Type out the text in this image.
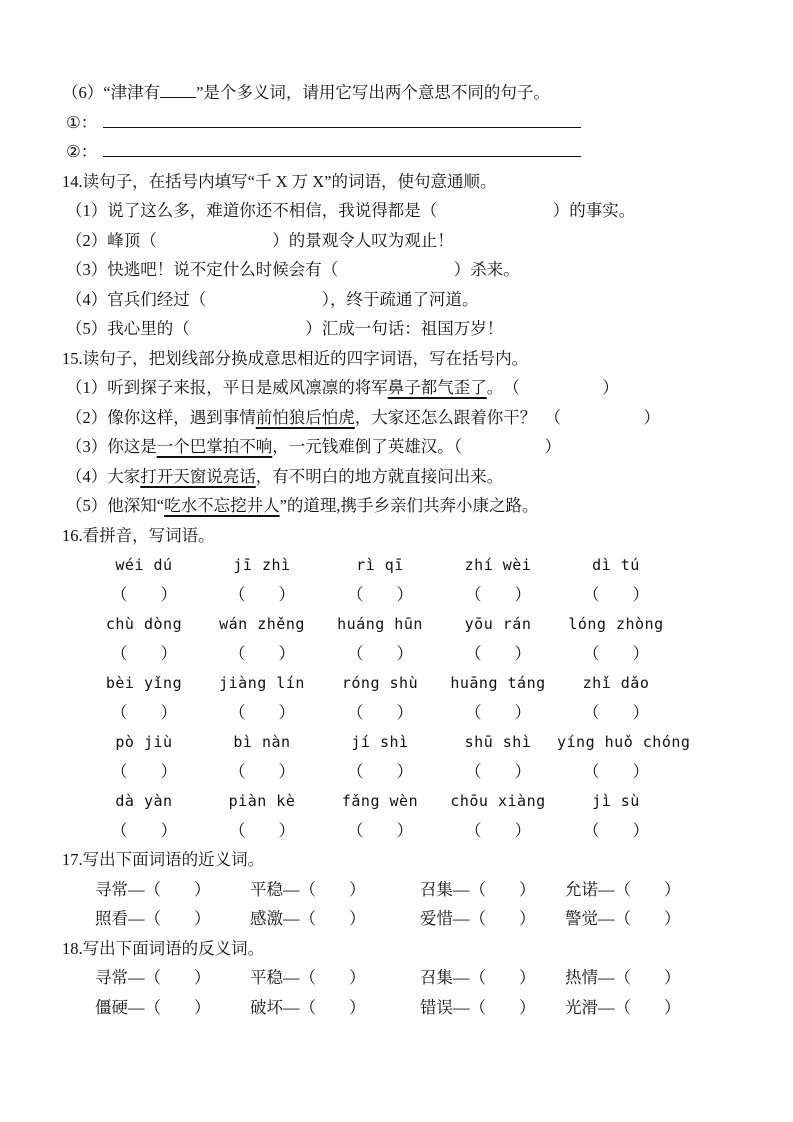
（6）“津津有 ”是个多义词，请用它写出两个意思不同的句子。
①：
②：
14.读句子，在括号内填写“千 X 万 X”的词语，使句意通顺。
（1）说了这么多，难道你还不相信，我说得都是（　　　　　　　）的事实。
（2）峰顶（　　　　　　　）的景观令人叹为观止！
（3）快逃吧！说不定什么时候会有（　　　　　　　）杀来。
（4）官兵们经过（　　　　　　　），终于疏通了河道。
（5）我心里的（　　　　　　　）汇成一句话：祖国万岁！
15.读句子，把划线部分换成意思相近的四字词语，写在括号内。
（1）听到探子来报，平日是威风凛凛的将军鼻子都气歪了。　（　　　　　）
（2）像你这样，遇到事情前怕狼后怕虎，大家还怎么跟着你干？　（　　　　　）
（3）你这是一个巴掌拍不响，一元钱难倒了英雄汉。（　　　　　）
（4）大家打开天窗说亮话，有不明白的地方就直接问出来。
（5）他深知“吃水不忘挖井人”的道理,携手乡亲们共奔小康之路。
16.看拼音，写词语。
wéi dú	jī zhì	rì qī	zhí wèi	dì tú
（　　）	（　　）	（　　）	（　　）	（　　）
chù dòng	wán zhěng	huáng hūn	yōu rán	lóng zhòng
（　　）	（　　）	（　　）	（　　）	（　　）
bèi yǐng	jiàng lín	róng shù	huāng táng	zhǐ dǎo
（　　）	（　　）	（　　）	（　　）	（　　）
pò jiù	bì nàn	jí shì	shū shì	yíng huǒ chóng
（　　）	（　　）	（　　）	（　　）	（　　）
dà yàn	piàn kè	fǎng wèn	chōu xiàng	jì sù
（　　）	（　　）	（　　）	（　　）	（　　）
17.写出下面词语的近义词。
寻常—（　　）	平稳—（　　）	召集—（　　）	允诺—（　　）
照看—（　　）	感激—（　　）	爱惜—（　　）	警觉—（　　）
18.写出下面词语的反义词。
寻常—（　　）	平稳—（　　）	召集—（　　）	热情—（　　）
僵硬—（　　）	破坏—（　　）	错误—（　　）	光滑—（　　）
